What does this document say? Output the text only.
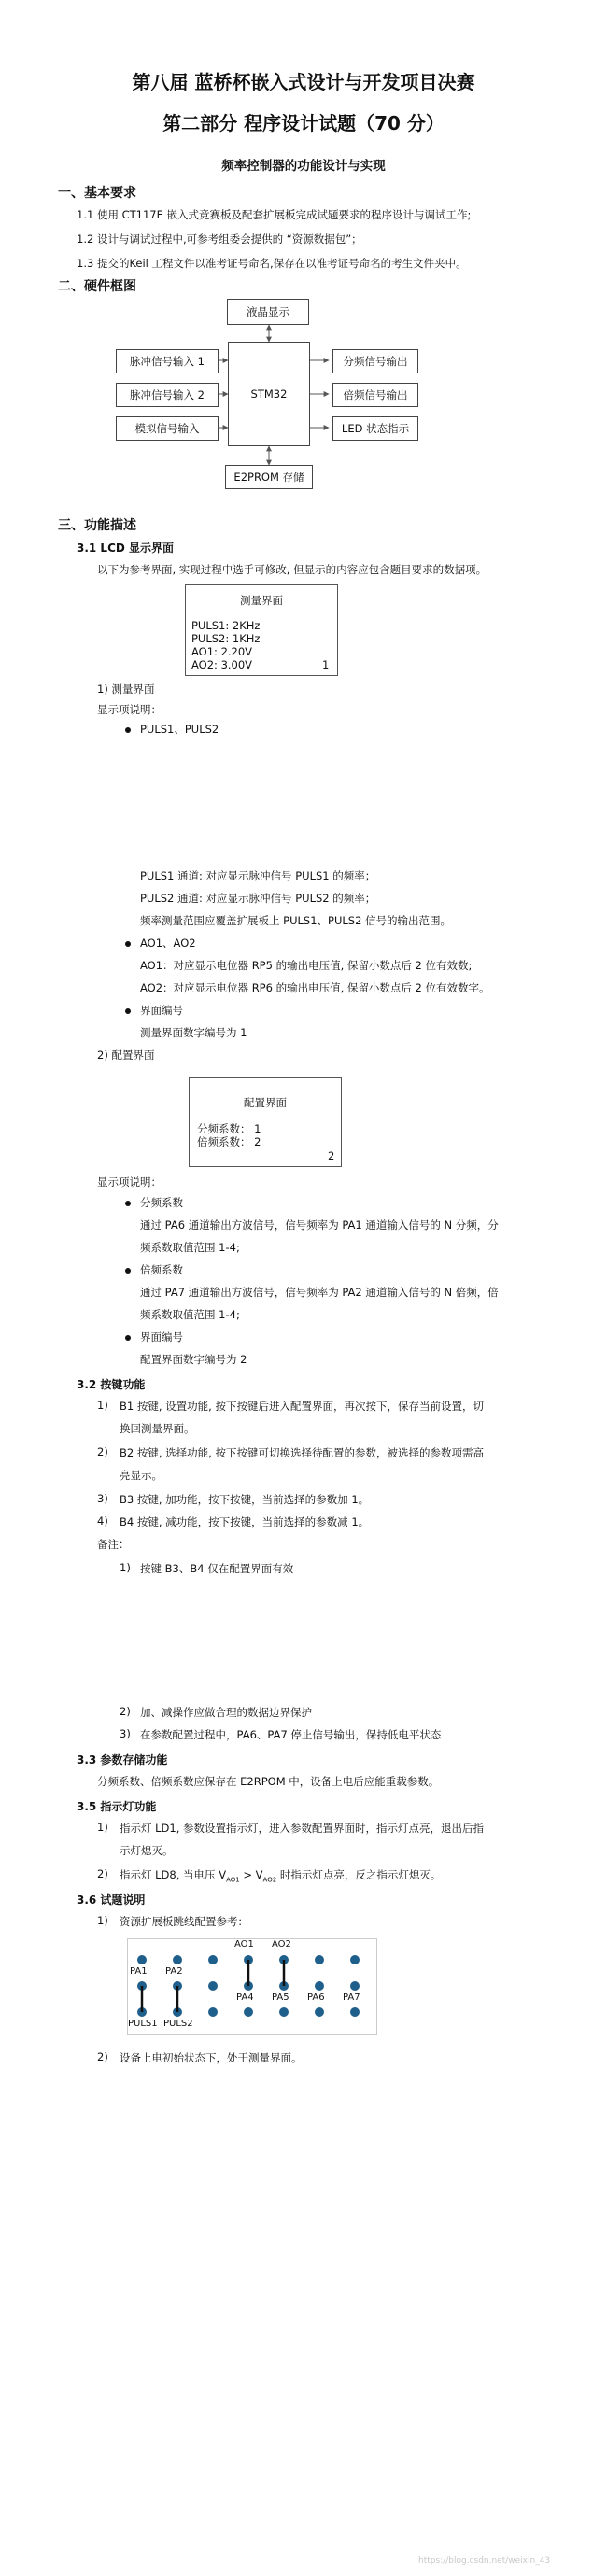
第八届 蓝桥杯嵌入式设计与开发项目决赛
第二部分 程序设计试题（70 分）
频率控制器的功能设计与实现
一、基本要求
1.1 使用 CT117E 嵌入式竞赛板及配套扩展板完成试题要求的程序设计与调试工作;
1.2 设计与调试过程中,可参考组委会提供的 “资源数据包”；
1.3 提交的Keil 工程文件以准考证号命名,保存在以准考证号命名的考生文件夹中。
二、硬件框图
液晶显示
STM32
脉冲信号输入 1
脉冲信号输入 2
模拟信号输入
分频信号输出
倍频信号输出
LED 状态指示
E2PROM 存储
三、功能描述
3.1 LCD 显示界面
以下为参考界面, 实现过程中选手可修改, 但显示的内容应包含题目要求的数据项。
测量界面
PULS1: 2KHz
PULS2: 1KHz
AO1: 2.20V
AO2: 3.00V	1
1) 测量界面
显示项说明：
PULS1、PULS2
PULS1 通道: 对应显示脉冲信号 PULS1 的频率；
PULS2 通道: 对应显示脉冲信号 PULS2 的频率；
频率测量范围应覆盖扩展板上 PULS1、PULS2 信号的输出范围。
AO1、AO2
AO1：对应显示电位器 RP5 的输出电压值, 保留小数点后 2 位有效数;
AO2：对应显示电位器 RP6 的输出电压值, 保留小数点后 2 位有效数字。
界面编号
测量界面数字编号为 1
2) 配置界面
配置界面
分频系数： 1
倍频系数： 2
2
显示项说明：
分频系数
通过 PA6 通道输出方波信号，信号频率为 PA1 通道输入信号的 N 分频，分
频系数取值范围 1-4;
倍频系数
通过 PA7 通道输出方波信号，信号频率为 PA2 通道输入信号的 N 倍频，倍
频系数取值范围 1-4;
界面编号
配置界面数字编号为 2
3.2 按键功能
1) B1 按键, 设置功能, 按下按键后进入配置界面，再次按下，保存当前设置，切
换回测量界面。
2) B2 按键, 选择功能, 按下按键可切换选择待配置的参数，被选择的参数项需高
亮显示。
3) B3 按键, 加功能，按下按键，当前选择的参数加 1。
4) B4 按键, 减功能，按下按键，当前选择的参数减 1。
备注：
1) 按键 B3、B4 仅在配置界面有效
2) 加、减操作应做合理的数据边界保护
3) 在参数配置过程中，PA6、PA7 停止信号输出，保持低电平状态
3.3 参数存储功能
分频系数、倍频系数应保存在 E2RPOM 中，设备上电后应能重载参数。
3.5 指示灯功能
1) 指示灯 LD1, 参数设置指示灯，进入参数配置界面时，指示灯点亮，退出后指
示灯熄灭。
2) 指示灯 LD8, 当电压 $V_{AO1} > V_{AO2}$ 时指示灯点亮，反之指示灯熄灭。
3.6 试题说明
1) 资源扩展板跳线配置参考：
AO1 AO2
PA1 PA2
PA4 PA5 PA6 PA7
PULS1 PULS2
2) 设备上电初始状态下，处于测量界面。
https://blog.csdn.net/weixin_43
